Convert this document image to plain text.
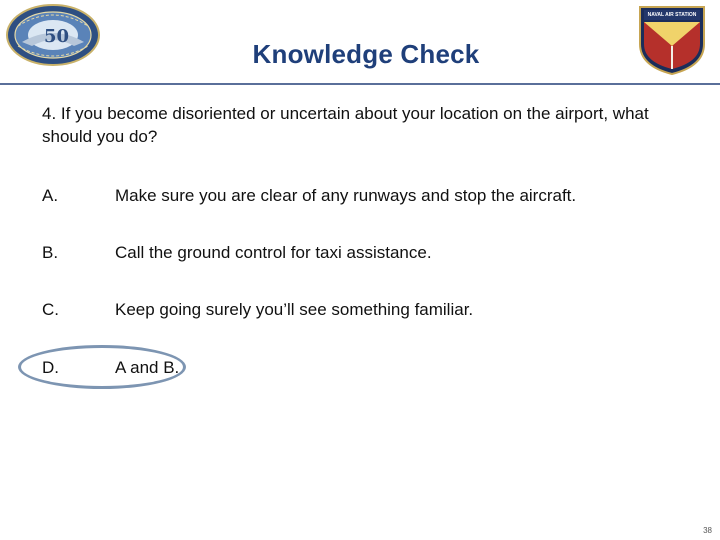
50
Knowledge Check
NAVAL AIR STATION
4. If you become disoriented or uncertain about your location on the airport, what should you do?
A.	Make sure you are clear of any runways and stop the aircraft.
B.	Call the ground control for taxi assistance.
C.	Keep going surely you’ll see something familiar.
D.	A and B.
38
